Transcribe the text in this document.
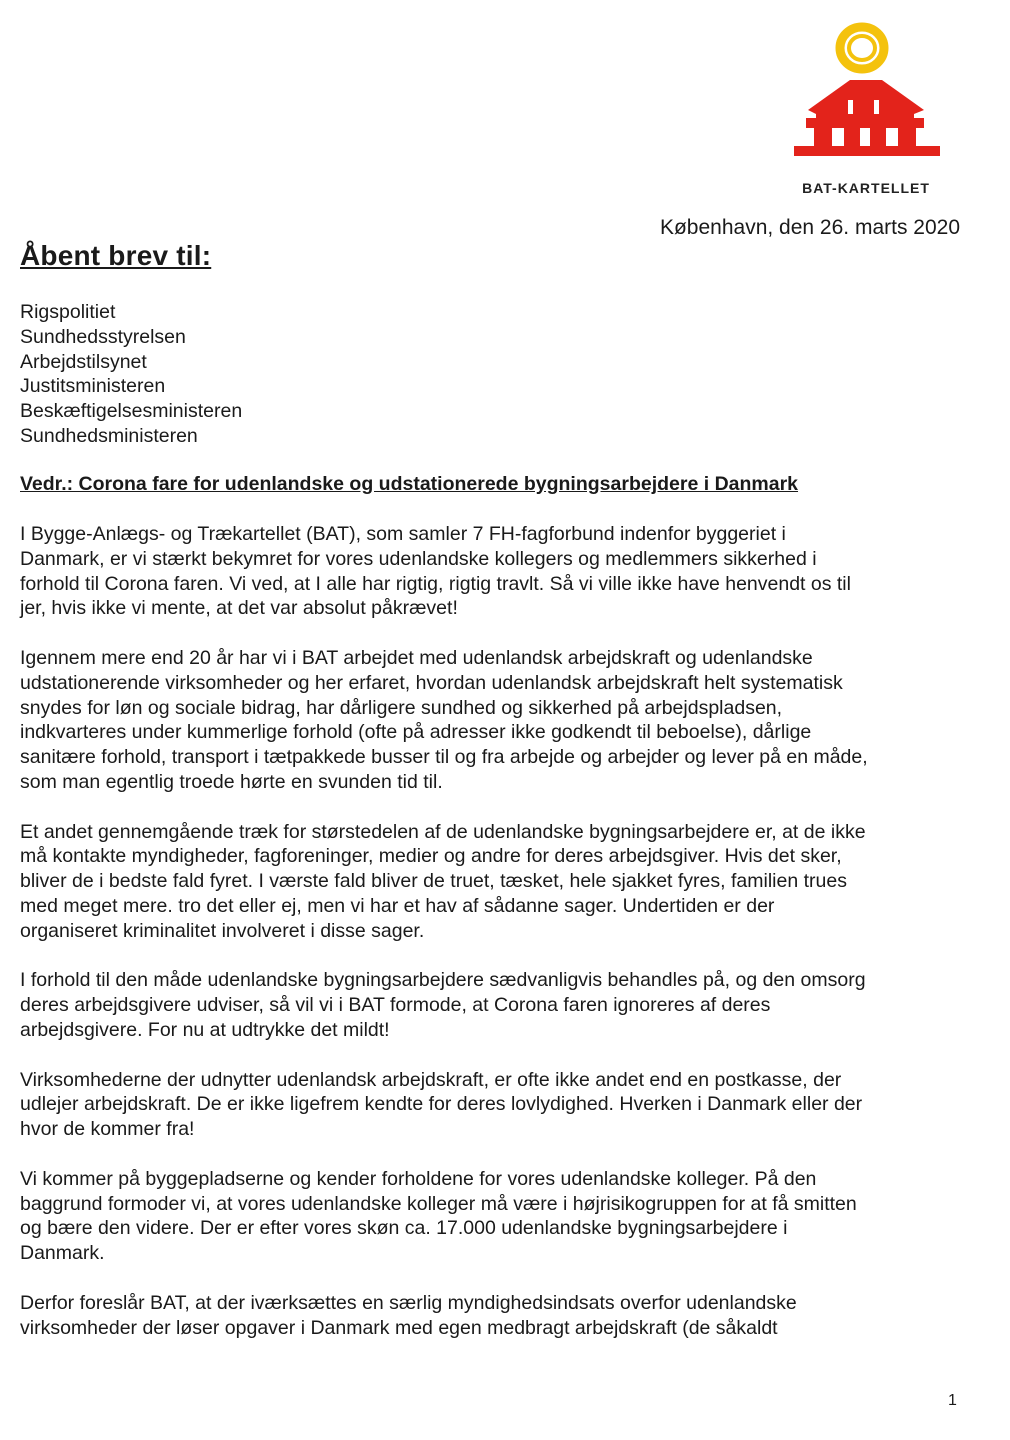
BAT-KARTELLET
København, den 26. marts 2020
Åbent brev til:
Rigspolitiet
Sundhedsstyrelsen
Arbejdstilsynet
Justitsministeren
Beskæftigelsesministeren
Sundhedsministeren

Vedr.: Corona fare for udenlandske og udstationerede bygningsarbejdere i Danmark

I Bygge-Anlægs- og Trækartellet (BAT), som samler 7 FH-fagforbund indenfor byggeriet i
Danmark, er vi stærkt bekymret for vores udenlandske kollegers og medlemmers sikkerhed i
forhold til Corona faren. Vi ved, at I alle har rigtig, rigtig travlt. Så vi ville ikke have henvendt os til
jer, hvis ikke vi mente, at det var absolut påkrævet!

Igennem mere end 20 år har vi i BAT arbejdet med udenlandsk arbejdskraft og udenlandske
udstationerende virksomheder og her erfaret, hvordan udenlandsk arbejdskraft helt systematisk
snydes for løn og sociale bidrag, har dårligere sundhed og sikkerhed på arbejdspladsen,
indkvarteres under kummerlige forhold (ofte på adresser ikke godkendt til beboelse), dårlige
sanitære forhold, transport i tætpakkede busser til og fra arbejde og arbejder og lever på en måde,
som man egentlig troede hørte en svunden tid til.

Et andet gennemgående træk for størstedelen af de udenlandske bygningsarbejdere er, at de ikke
må kontakte myndigheder, fagforeninger, medier og andre for deres arbejdsgiver. Hvis det sker,
bliver de i bedste fald fyret. I værste fald bliver de truet, tæsket, hele sjakket fyres, familien trues
med meget mere. tro det eller ej, men vi har et hav af sådanne sager. Undertiden er der
organiseret kriminalitet involveret i disse sager.

I forhold til den måde udenlandske bygningsarbejdere sædvanligvis behandles på, og den omsorg
deres arbejdsgivere udviser, så vil vi i BAT formode, at Corona faren ignoreres af deres
arbejdsgivere. For nu at udtrykke det mildt!

Virksomhederne der udnytter udenlandsk arbejdskraft, er ofte ikke andet end en postkasse, der
udlejer arbejdskraft. De er ikke ligefrem kendte for deres lovlydighed. Hverken i Danmark eller der
hvor de kommer fra!

Vi kommer på byggepladserne og kender forholdene for vores udenlandske kolleger. På den
baggrund formoder vi, at vores udenlandske kolleger må være i højrisikogruppen for at få smitten
og bære den videre. Der er efter vores skøn ca. 17.000 udenlandske bygningsarbejdere i
Danmark.

Derfor foreslår BAT, at der iværksættes en særlig myndighedsindsats overfor udenlandske
virksomheder der løser opgaver i Danmark med egen medbragt arbejdskraft (de såkaldt

1
